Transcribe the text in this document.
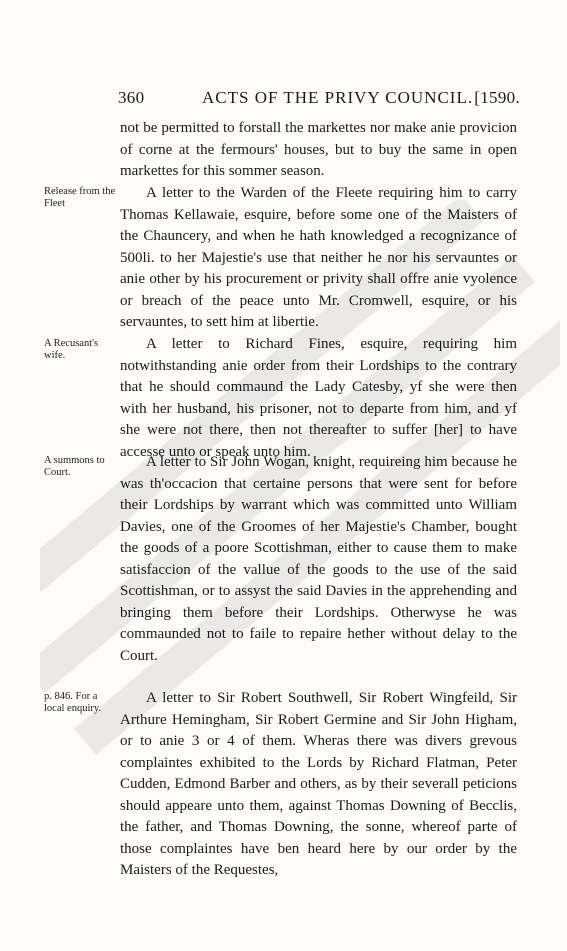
360	ACTS OF THE PRIVY COUNCIL. [1590.

not be permitted to forstall the markettes nor make anie provicion of corne at the fermours' houses, but to buy the same in open markettes for this sommer season.

Release from the Fleet

A letter to the Warden of the Fleete requiring him to carry Thomas Kellawaie, esquire, before some one of the Maisters of the Chauncery, and when he hath knowledged a recognizance of 500li. to her Majestie's use that neither he nor his servauntes or anie other by his procurement or privity shall offre anie vyolence or breach of the peace unto Mr. Cromwell, esquire, or his servauntes, to sett him at libertie.

A Recusant's wife.

A letter to Richard Fines, esquire, requiring him notwithstanding anie order from their Lordships to the contrary that he should commaund the Lady Catesby, yf she were then with her husband, his prisoner, not to departe from him, and yf she were not there, then not thereafter to suffer [her] to have accesse unto or speak unto him.

A summons to Court.

A letter to Sir John Wogan, knight, requireing him because he was th'occacion that certaine persons that were sent for before their Lordships by warrant which was committed unto William Davies, one of the Groomes of her Majestie's Chamber, bought the goods of a poore Scottishman, either to cause them to make satisfaccion of the vallue of the goods to the use of the said Scottishman, or to assyst the said Davies in the apprehending and bringing them before their Lordships. Otherwyse he was commaunded not to faile to repaire hether without delay to the Court.

p. 846. For a local enquiry.

A letter to Sir Robert Southwell, Sir Robert Wingfeild, Sir Arthure Hemingham, Sir Robert Germine and Sir John Higham, or to anie 3 or 4 of them. Wheras there was divers grevous complaintes exhibited to the Lords by Richard Flatman, Peter Cudden, Edmond Barber and others, as by their severall peticions should appeare unto them, against Thomas Downing of Becclis, the father, and Thomas Downing, the sonne, whereof parte of those complaintes have ben heard here by our order by the Maisters of the Requestes,
